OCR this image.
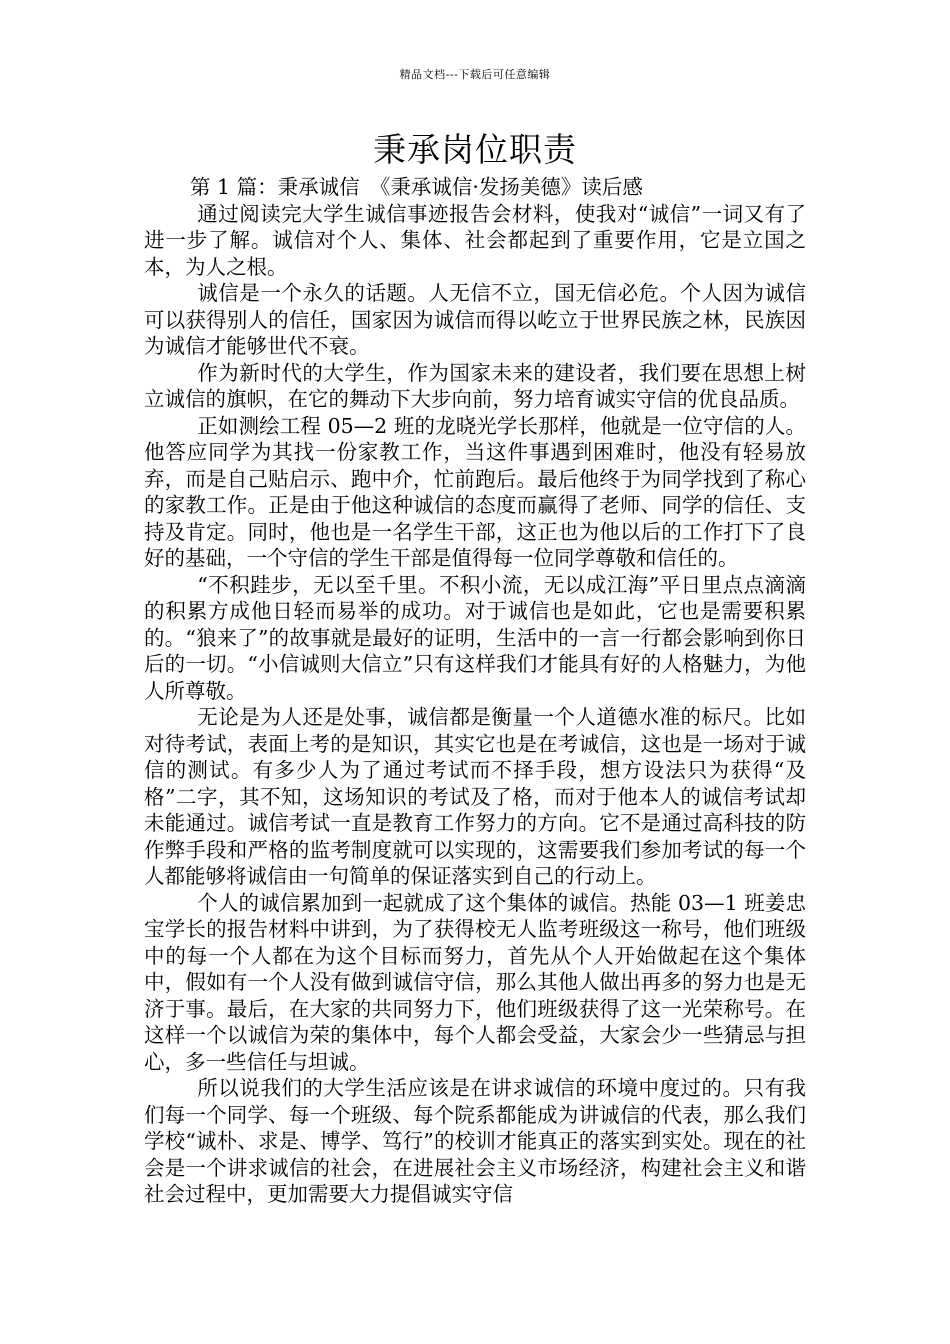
精品文档---下载后可任意编辑
秉承岗位职责
第 1 篇：秉承诚信　《秉承诚信·发扬美德》读后感

通过阅读完大学生诚信事迹报告会材料，使我对“诚信”一词又有了进一步了解。诚信对个人、集体、社会都起到了重要作用，它是立国之本，为人之根。

诚信是一个永久的话题。人无信不立，国无信必危。个人因为诚信可以获得别人的信任，国家因为诚信而得以屹立于世界民族之林，民族因为诚信才能够世代不衰。

作为新时代的大学生，作为国家未来的建设者，我们要在思想上树立诚信的旗帜，在它的舞动下大步向前，努力培育诚实守信的优良品质。

正如测绘工程 05—2 班的龙晓光学长那样，他就是一位守信的人。他答应同学为其找一份家教工作，当这件事遇到困难时，他没有轻易放弃，而是自己贴启示、跑中介，忙前跑后。最后他终于为同学找到了称心的家教工作。正是由于他这种诚信的态度而赢得了老师、同学的信任、支持及肯定。同时，他也是一名学生干部，这正也为他以后的工作打下了良好的基础，一个守信的学生干部是值得每一位同学尊敬和信任的。

“不积跬步，无以至千里。不积小流，无以成江海”平日里点点滴滴的积累方成他日轻而易举的成功。对于诚信也是如此，它也是需要积累的。“狼来了”的故事就是最好的证明，生活中的一言一行都会影响到你日后的一切。“小信诚则大信立”只有这样我们才能具有好的人格魅力，为他人所尊敬。

无论是为人还是处事，诚信都是衡量一个人道德水准的标尺。比如对待考试，表面上考的是知识，其实它也是在考诚信，这也是一场对于诚信的测试。有多少人为了通过考试而不择手段，想方设法只为获得“及格”二字，其不知，这场知识的考试及了格，而对于他本人的诚信考试却未能通过。诚信考试一直是教育工作努力的方向。它不是通过高科技的防作弊手段和严格的监考制度就可以实现的，这需要我们参加考试的每一个人都能够将诚信由一句简单的保证落实到自己的行动上。

个人的诚信累加到一起就成了这个集体的诚信。热能 03—1 班姜忠宝学长的报告材料中讲到，为了获得校无人监考班级这一称号，他们班级中的每一个人都在为这个目标而努力，首先从个人开始做起在这个集体中，假如有一个人没有做到诚信守信，那么其他人做出再多的努力也是无济于事。最后，在大家的共同努力下，他们班级获得了这一光荣称号。在这样一个以诚信为荣的集体中，每个人都会受益，大家会少一些猜忌与担心，多一些信任与坦诚。

所以说我们的大学生活应该是在讲求诚信的环境中度过的。只有我们每一个同学、每一个班级、每个院系都能成为讲诚信的代表，那么我们学校“诚朴、求是、博学、笃行”的校训才能真正的落实到实处。现在的社会是一个讲求诚信的社会，在进展社会主义市场经济，构建社会主义和谐社会过程中，更加需要大力提倡诚实守信
